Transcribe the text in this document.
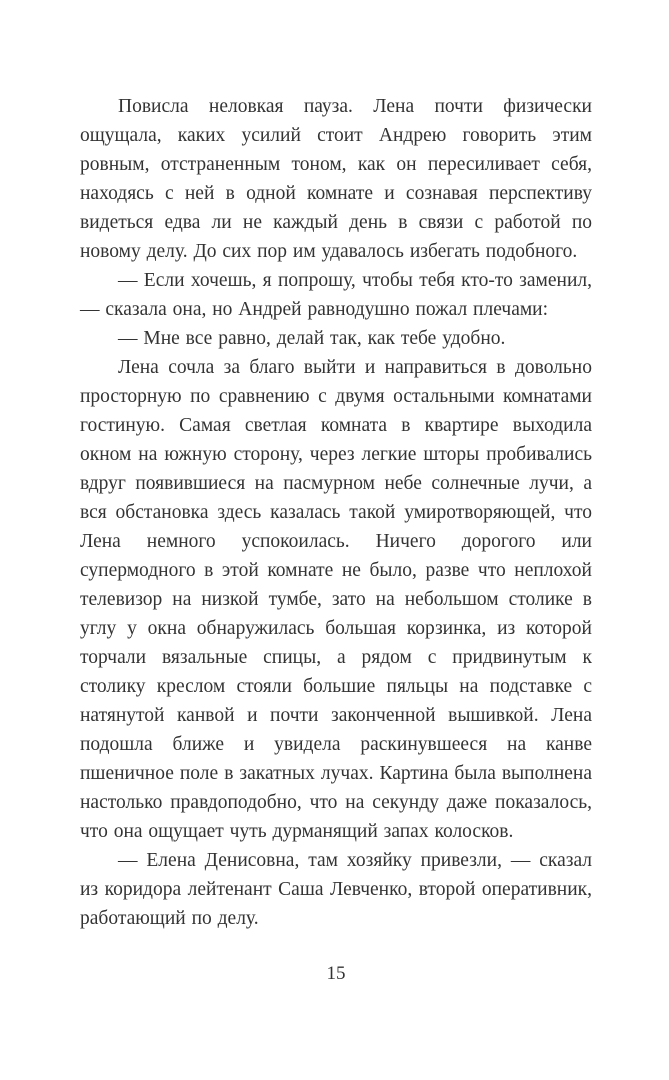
Повисла неловкая пауза. Лена почти физически ощущала, каких усилий стоит Андрею говорить этим ровным, отстраненным тоном, как он пересиливает себя, находясь с ней в одной комнате и сознавая перспективу видеться едва ли не каждый день в связи с работой по новому делу. До сих пор им удавалось избегать подобного.

— Если хочешь, я попрошу, чтобы тебя кто-то заменил, — сказала она, но Андрей равнодушно пожал плечами:

— Мне все равно, делай так, как тебе удобно.

Лена сочла за благо выйти и направиться в довольно просторную по сравнению с двумя остальными комнатами гостиную. Самая светлая комната в квартире выходила окном на южную сторону, через легкие шторы пробивались вдруг появившиеся на пасмурном небе солнечные лучи, а вся обстановка здесь казалась такой умиротворяющей, что Лена немного успокоилась. Ничего дорогого или супермодного в этой комнате не было, разве что неплохой телевизор на низкой тумбе, зато на небольшом столике в углу у окна обнаружилась большая корзинка, из которой торчали вязальные спицы, а рядом с придвинутым к столику креслом стояли большие пяльцы на подставке с натянутой канвой и почти законченной вышивкой. Лена подошла ближе и увидела раскинувшееся на канве пшеничное поле в закатных лучах. Картина была выполнена настолько правдоподобно, что на секунду даже показалось, что она ощущает чуть дурманящий запах колосков.

— Елена Денисовна, там хозяйку привезли, — сказал из коридора лейтенант Саша Левченко, второй оперативник, работающий по делу.

15
